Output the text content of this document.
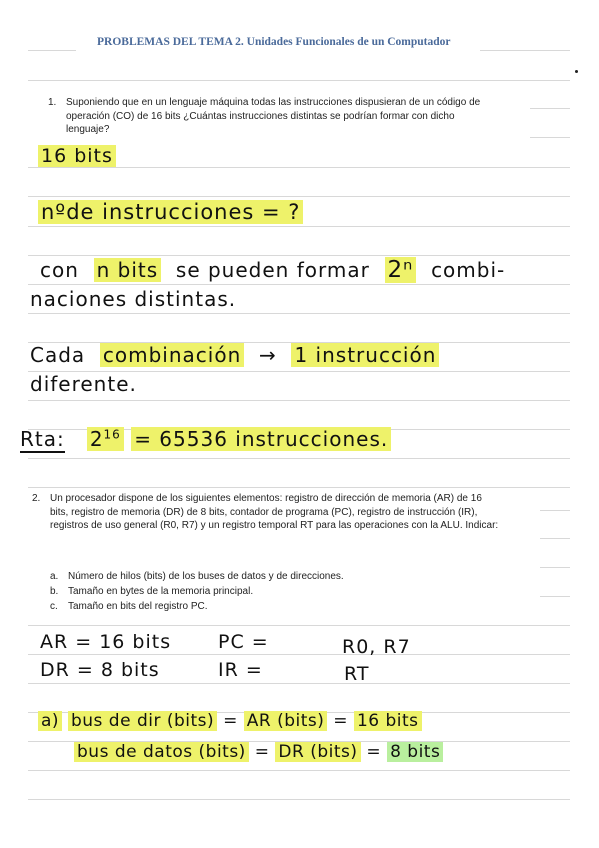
PROBLEMAS DEL TEMA 2. Unidades Funcionales de un Computador
1. Suponiendo que en un lenguaje máquina todas las instrucciones dispusieran de un código de operación (CO) de 16 bits ¿Cuántas instrucciones distintas se podrían formar con dicho lenguaje?
16 bits
nºde instrucciones = ?
con n bits se pueden formar 2ⁿ combi-
naciones distintas.
Cada combinación → 1 instrucción
diferente.
Rta: $2^{16} = 65536$ instrucciones.
2. Un procesador dispone de los siguientes elementos: registro de dirección de memoria (AR) de 16 bits, registro de memoria (DR) de 8 bits, contador de programa (PC), registro de instrucción (IR), registros de uso general (R0, R7) y un registro temporal RT para las operaciones con la ALU. Indicar:
a. Número de hilos (bits) de los buses de datos y de direcciones.
b. Tamaño en bytes de la memoria principal.
c. Tamaño en bits del registro PC.
AR = 16 bits PC =	R0, R7
DR = 8 bits	IR =	RT
a) bus de dir (bits) = AR (bits) = 16 bits
bus de datos (bits) = DR (bits) = 8 bits
